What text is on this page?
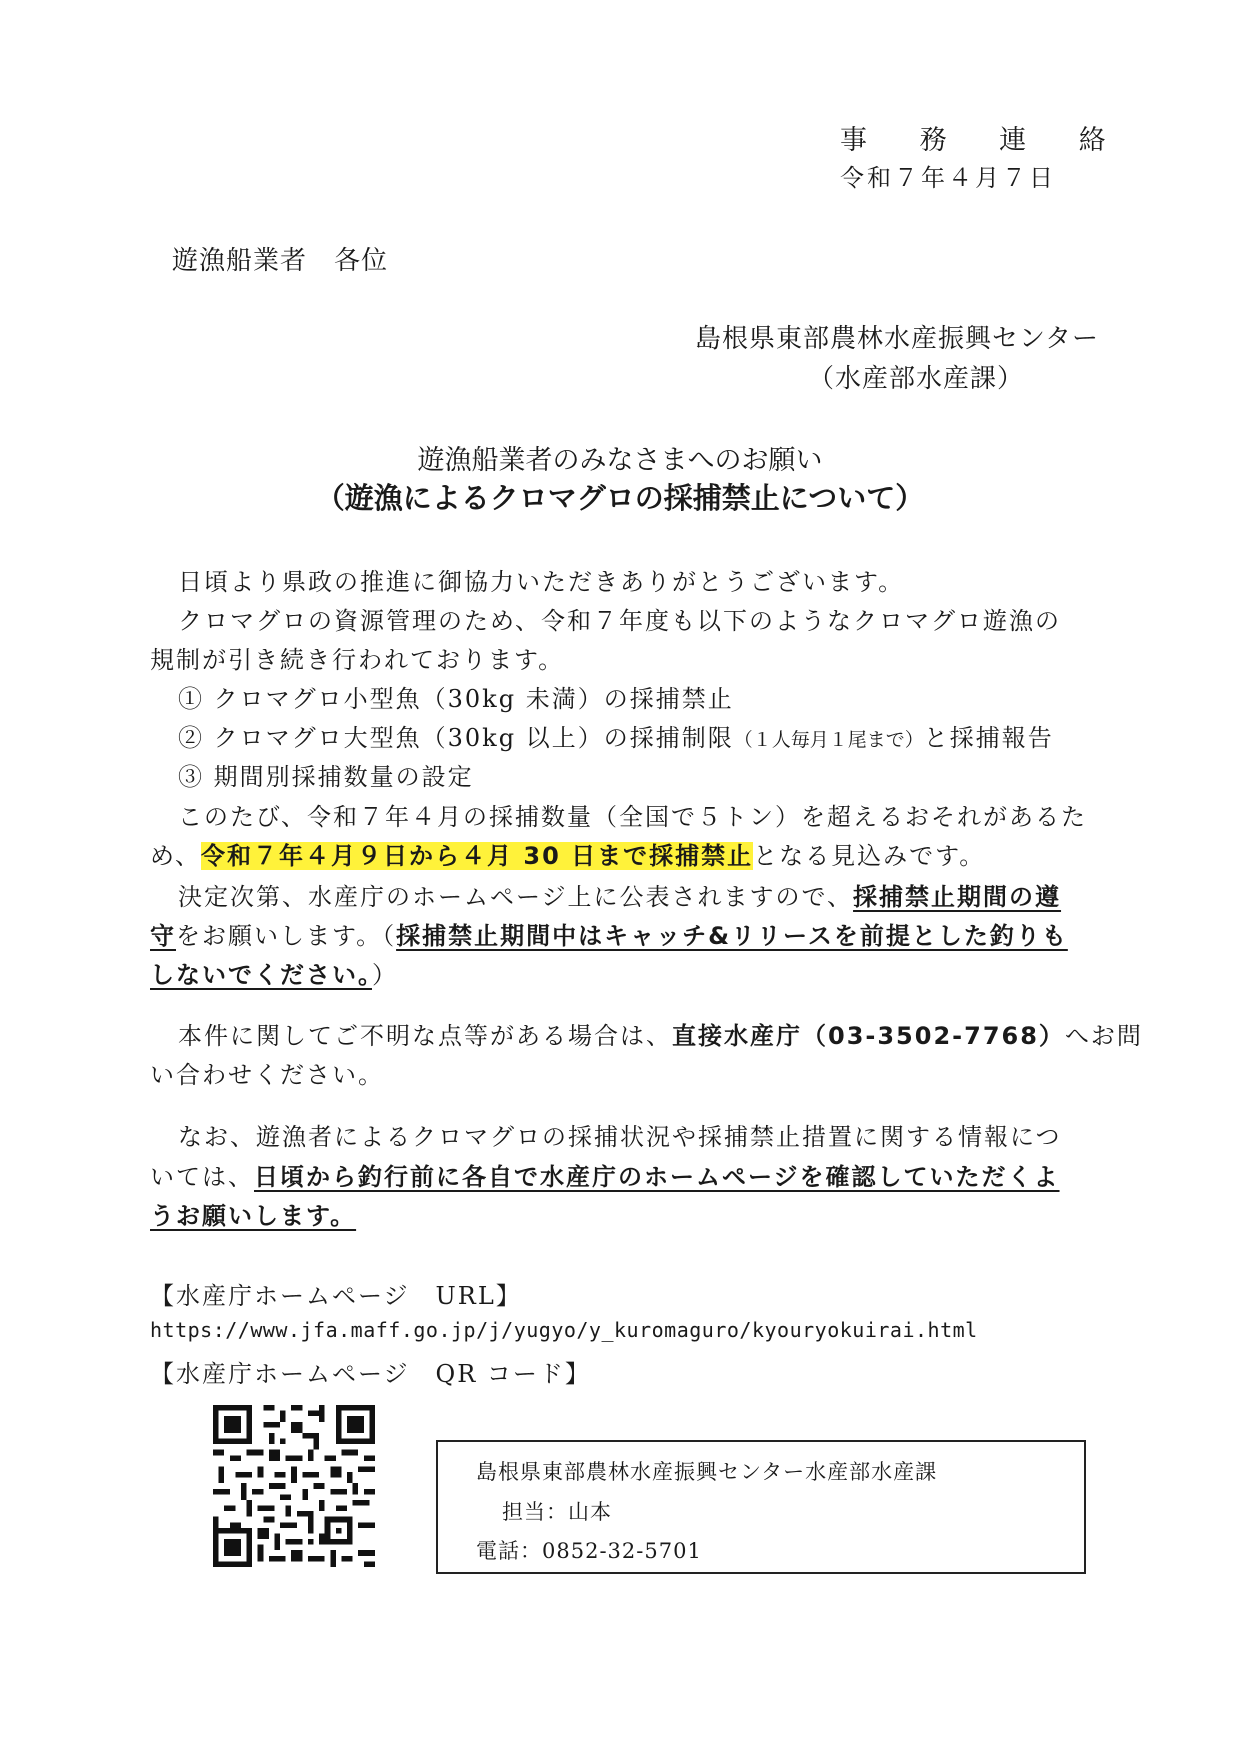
事 務 連 絡
令和７年４月７日
遊漁船業者　各位
島根県東部農林水産振興センター
（水産部水産課）
遊漁船業者のみなさまへのお願い
（遊漁によるクロマグロの採捕禁止について）
日頃より県政の推進に御協力いただきありがとうございます。
クロマグロの資源管理のため、令和７年度も以下のようなクロマグロ遊漁の
規制が引き続き行われております。
① クロマグロ小型魚（30kg 未満）の採捕禁止
② クロマグロ大型魚（30kg 以上）の採捕制限（１人毎月１尾まで）と採捕報告
③ 期間別採捕数量の設定
このたび、令和７年４月の採捕数量（全国で５トン）を超えるおそれがあるた
め、令和７年４月９日から４月 30 日まで採捕禁止となる見込みです。
決定次第、水産庁のホームページ上に公表されますので、採捕禁止期間の遵
守をお願いします。（採捕禁止期間中はキャッチ&リリースを前提とした釣りも
しないでください。）
本件に関してご不明な点等がある場合は、直接水産庁（03-3502-7768）へお問
い合わせください。
なお、遊漁者によるクロマグロの採捕状況や採捕禁止措置に関する情報につ
いては、日頃から釣行前に各自で水産庁のホームページを確認していただくよ
うお願いします。
【水産庁ホームページ　URL】
https://www.jfa.maff.go.jp/j/yugyo/y_kuromaguro/kyouryokuirai.html
【水産庁ホームページ　QR コード】
島根県東部農林水産振興センター水産部水産課
担当：山本
電話：0852-32-5701
